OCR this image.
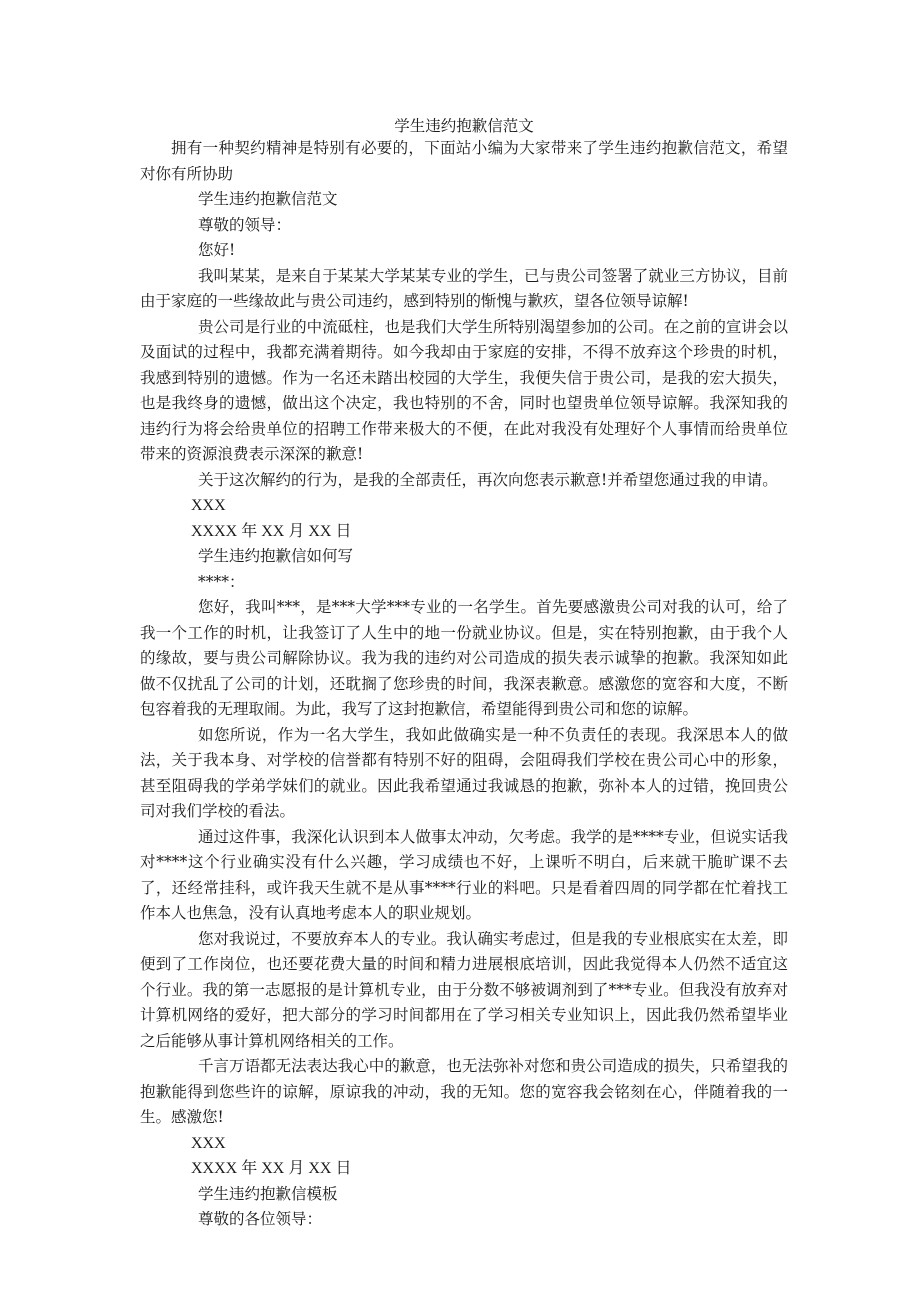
学生违约抱歉信范文

拥有一种契约精神是特别有必要的，下面站小编为大家带来了学生违约抱歉信范文，希望对你有所协助

学生违约抱歉信范文

尊敬的领导：

您好!

我叫某某，是来自于某某大学某某专业的学生，已与贵公司签署了就业三方协议，目前由于家庭的一些缘故此与贵公司违约，感到特别的惭愧与歉疚，望各位领导谅解!

贵公司是行业的中流砥柱，也是我们大学生所特别渴望参加的公司。在之前的宣讲会以及面试的过程中，我都充满着期待。如今我却由于家庭的安排，不得不放弃这个珍贵的时机，我感到特别的遗憾。作为一名还未踏出校园的大学生，我便失信于贵公司，是我的宏大损失，也是我终身的遗憾，做出这个决定，我也特别的不舍，同时也望贵单位领导谅解。我深知我的违约行为将会给贵单位的招聘工作带来极大的不便，在此对我没有处理好个人事情而给贵单位带来的资源浪费表示深深的歉意!

关于这次解约的行为，是我的全部责任，再次向您表示歉意!并希望您通过我的申请。

XXX

XXXX 年 XX 月 XX 日

学生违约抱歉信如何写

****：

您好，我叫***，是***大学***专业的一名学生。首先要感激贵公司对我的认可，给了我一个工作的时机，让我签订了人生中的地一份就业协议。但是，实在特别抱歉，由于我个人的缘故，要与贵公司解除协议。我为我的违约对公司造成的损失表示诚挚的抱歉。我深知如此做不仅扰乱了公司的计划，还耽搁了您珍贵的时间，我深表歉意。感激您的宽容和大度，不断包容着我的无理取闹。为此，我写了这封抱歉信，希望能得到贵公司和您的谅解。

如您所说，作为一名大学生，我如此做确实是一种不负责任的表现。我深思本人的做法，关于我本身、对学校的信誉都有特别不好的阻碍，会阻碍我们学校在贵公司心中的形象，甚至阻碍我的学弟学妹们的就业。因此我希望通过我诚恳的抱歉，弥补本人的过错，挽回贵公司对我们学校的看法。

通过这件事，我深化认识到本人做事太冲动，欠考虑。我学的是****专业，但说实话我对****这个行业确实没有什么兴趣，学习成绩也不好，上课听不明白，后来就干脆旷课不去了，还经常挂科，或许我天生就不是从事****行业的料吧。只是看着四周的同学都在忙着找工作本人也焦急，没有认真地考虑本人的职业规划。

您对我说过，不要放弃本人的专业。我认确实考虑过，但是我的专业根底实在太差，即便到了工作岗位，也还要花费大量的时间和精力进展根底培训，因此我觉得本人仍然不适宜这个行业。我的第一志愿报的是计算机专业，由于分数不够被调剂到了***专业。但我没有放弃对计算机网络的爱好，把大部分的学习时间都用在了学习相关专业知识上，因此我仍然希望毕业之后能够从事计算机网络相关的工作。

千言万语都无法表达我心中的歉意，也无法弥补对您和贵公司造成的损失，只希望我的抱歉能得到您些许的谅解，原谅我的冲动，我的无知。您的宽容我会铭刻在心，伴随着我的一生。感激您!

XXX

XXXX 年 XX 月 XX 日

学生违约抱歉信模板

尊敬的各位领导：
